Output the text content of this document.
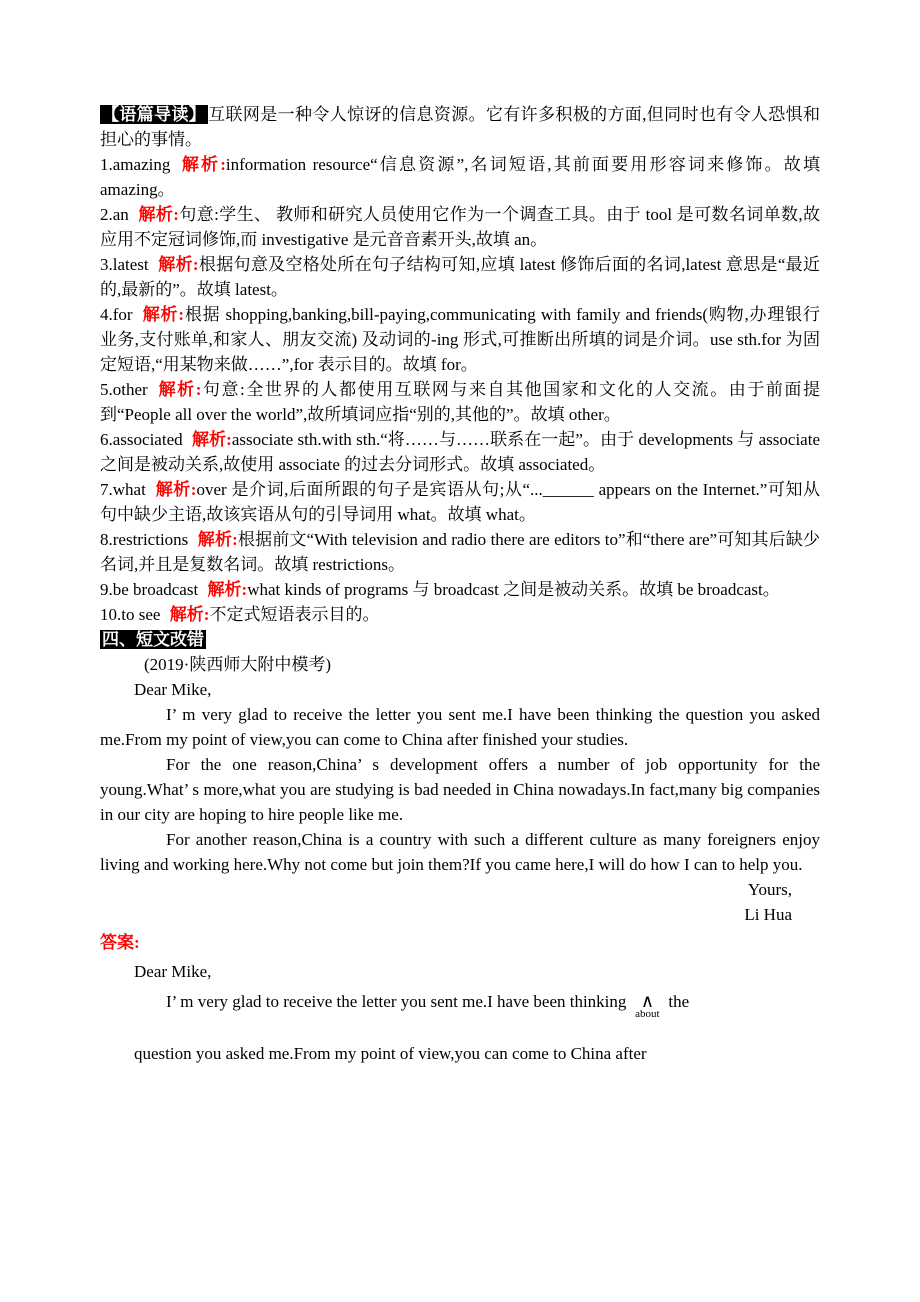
【语篇导读】 互联网是一种令人惊讶的信息资源。它有许多积极的方面,但同时也有令人恐惧和担心的事情。

1.amazing 解析:information resource“信息资源”,名词短语,其前面要用形容词来修饰。故填 amazing。

2.an 解析:句意:学生、 教师和研究人员使用它作为一个调查工具。由于 tool 是可数名词单数,故应用不定冠词修饰,而 investigative 是元音音素开头,故填 an。

3.latest 解析:根据句意及空格处所在句子结构可知,应填 latest 修饰后面的名词,latest 意思是“最近的,最新的”。故填 latest。

4.for 解析:根据 shopping,banking,bill-paying,communicating with family and friends(购物,办理银行业务,支付账单,和家人、朋友交流) 及动词的-ing 形式,可推断出所填的词是介词。use sth.for 为固定短语,“用某物来做……”,for 表示目的。故填 for。

5.other 解析:句意:全世界的人都使用互联网与来自其他国家和文化的人交流。由于前面提到“People all over the world”,故所填词应指“别的,其他的”。故填 other。

6.associated 解析:associate sth.with sth.“将……与……联系在一起”。由于 developments 与 associate 之间是被动关系,故使用 associate 的过去分词形式。故填 associated。

7.what 解析:over 是介词,后面所跟的句子是宾语从句;从“...______ appears on the Internet.”可知从句中缺少主语,故该宾语从句的引导词用 what。故填 what。

8.restrictions 解析:根据前文“With television and radio there are editors to”和“there are”可知其后缺少名词,并且是复数名词。故填 restrictions。

9.be broadcast 解析:what kinds of programs 与 broadcast 之间是被动关系。故填 be broadcast。

10.to see 解析:不定式短语表示目的。

四、短文改错

(2019·陕西师大附中模考)

Dear Mike,

I’ m very glad to receive the letter you sent me.I have been thinking the question you asked me.From my point of view,you can come to China after finished your studies.

For the one reason,China’ s development offers a number of job opportunity for the young.What’ s more,what you are studying is bad needed in China nowadays.In fact,many big companies in our city are hoping to hire people like me.

For another reason,China is a country with such a different culture as many foreigners enjoy living and working here.Why not come but join them?If you came here,I will do how I can to help you.

Yours,

Li Hua

答案:

Dear Mike,

I’ m very glad to receive the letter you sent me.I have been thinking ∧
about
the

question you asked me.From my point of view,you can come to China after
